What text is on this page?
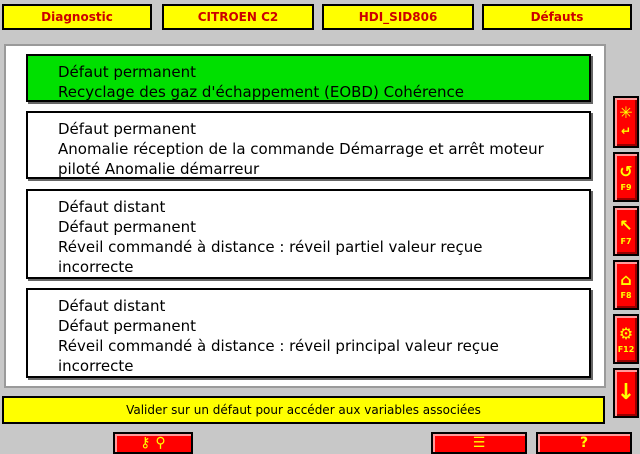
Diagnostic	CITROEN C2	HDI_SID806	Défauts
Défaut permanent
Recyclage des gaz d'échappement (EOBD) Cohérence
Défaut permanent
Anomalie réception de la commande Démarrage et arrêt moteur
piloté Anomalie démarreur
Défaut distant
Défaut permanent
Réveil commandé à distance : réveil partiel valeur reçue
incorrecte
Défaut distant
Défaut permanent
Réveil commandé à distance : réveil principal valeur reçue
incorrecte
✳
↵
↺
F9
↖
F7
⌂
F8
⚙
F12
↓
Valider sur un défaut pour accéder aux variables associées
⚷ ⚲	☰	?
